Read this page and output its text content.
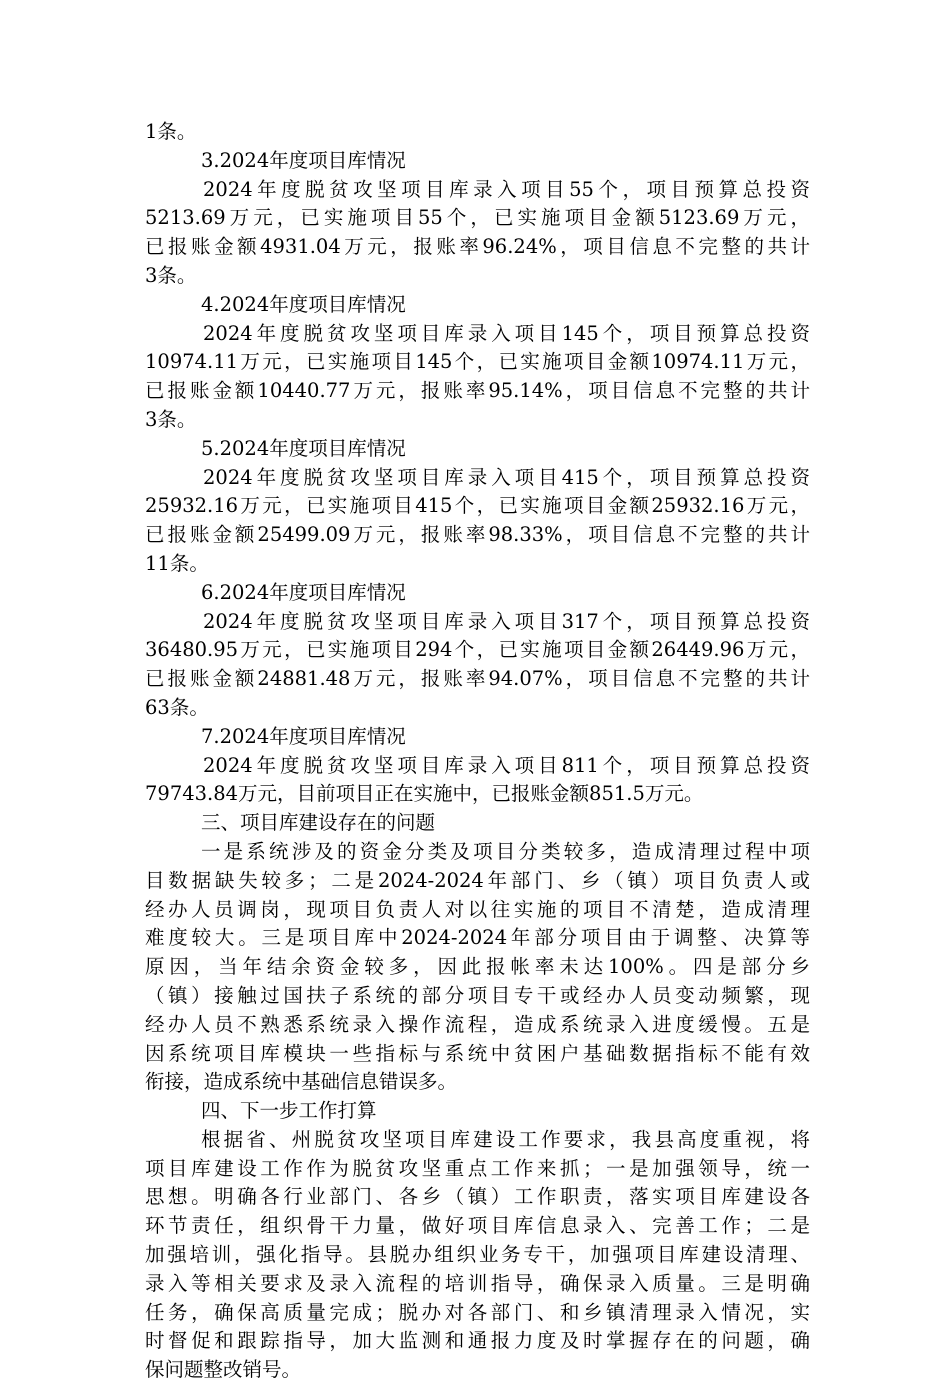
1条。
3.2024年度项目库情况
2024年度脱贫攻坚项目库录入项目55个，项目预算总投资
5213.69万元，已实施项目55个，已实施项目金额5123.69万元，
已报账金额4931.04万元，报账率96.24%，项目信息不完整的共计
3条。
4.2024年度项目库情况
2024年度脱贫攻坚项目库录入项目145个，项目预算总投资
10974.11万元，已实施项目145个，已实施项目金额10974.11万元，
已报账金额10440.77万元，报账率95.14%，项目信息不完整的共计
3条。
5.2024年度项目库情况
2024年度脱贫攻坚项目库录入项目415个，项目预算总投资
25932.16万元，已实施项目415个，已实施项目金额25932.16万元，
已报账金额25499.09万元，报账率98.33%，项目信息不完整的共计
11条。
6.2024年度项目库情况
2024年度脱贫攻坚项目库录入项目317个，项目预算总投资
36480.95万元，已实施项目294个，已实施项目金额26449.96万元，
已报账金额24881.48万元，报账率94.07%，项目信息不完整的共计
63条。
7.2024年度项目库情况
2024年度脱贫攻坚项目库录入项目811个，项目预算总投资
79743.84万元，目前项目正在实施中，已报账金额851.5万元。
三、项目库建设存在的问题
一是系统涉及的资金分类及项目分类较多，造成清理过程中项
目数据缺失较多；二是2024-2024年部门、乡（镇）项目负责人或
经办人员调岗，现项目负责人对以往实施的项目不清楚，造成清理
难度较大。三是项目库中2024-2024年部分项目由于调整、决算等
原因，当年结余资金较多，因此报帐率未达100%。四是部分乡
（镇）接触过国扶子系统的部分项目专干或经办人员变动频繁，现
经办人员不熟悉系统录入操作流程，造成系统录入进度缓慢。五是
因系统项目库模块一些指标与系统中贫困户基础数据指标不能有效
衔接，造成系统中基础信息错误多。
四、下一步工作打算
根据省、州脱贫攻坚项目库建设工作要求，我县高度重视，将
项目库建设工作作为脱贫攻坚重点工作来抓；一是加强领导，统一
思想。明确各行业部门、各乡（镇）工作职责，落实项目库建设各
环节责任，组织骨干力量，做好项目库信息录入、完善工作；二是
加强培训，强化指导。县脱办组织业务专干，加强项目库建设清理、
录入等相关要求及录入流程的培训指导，确保录入质量。三是明确
任务，确保高质量完成；脱办对各部门、和乡镇清理录入情况，实
时督促和跟踪指导，加大监测和通报力度及时掌握存在的问题，确
保问题整改销号。
